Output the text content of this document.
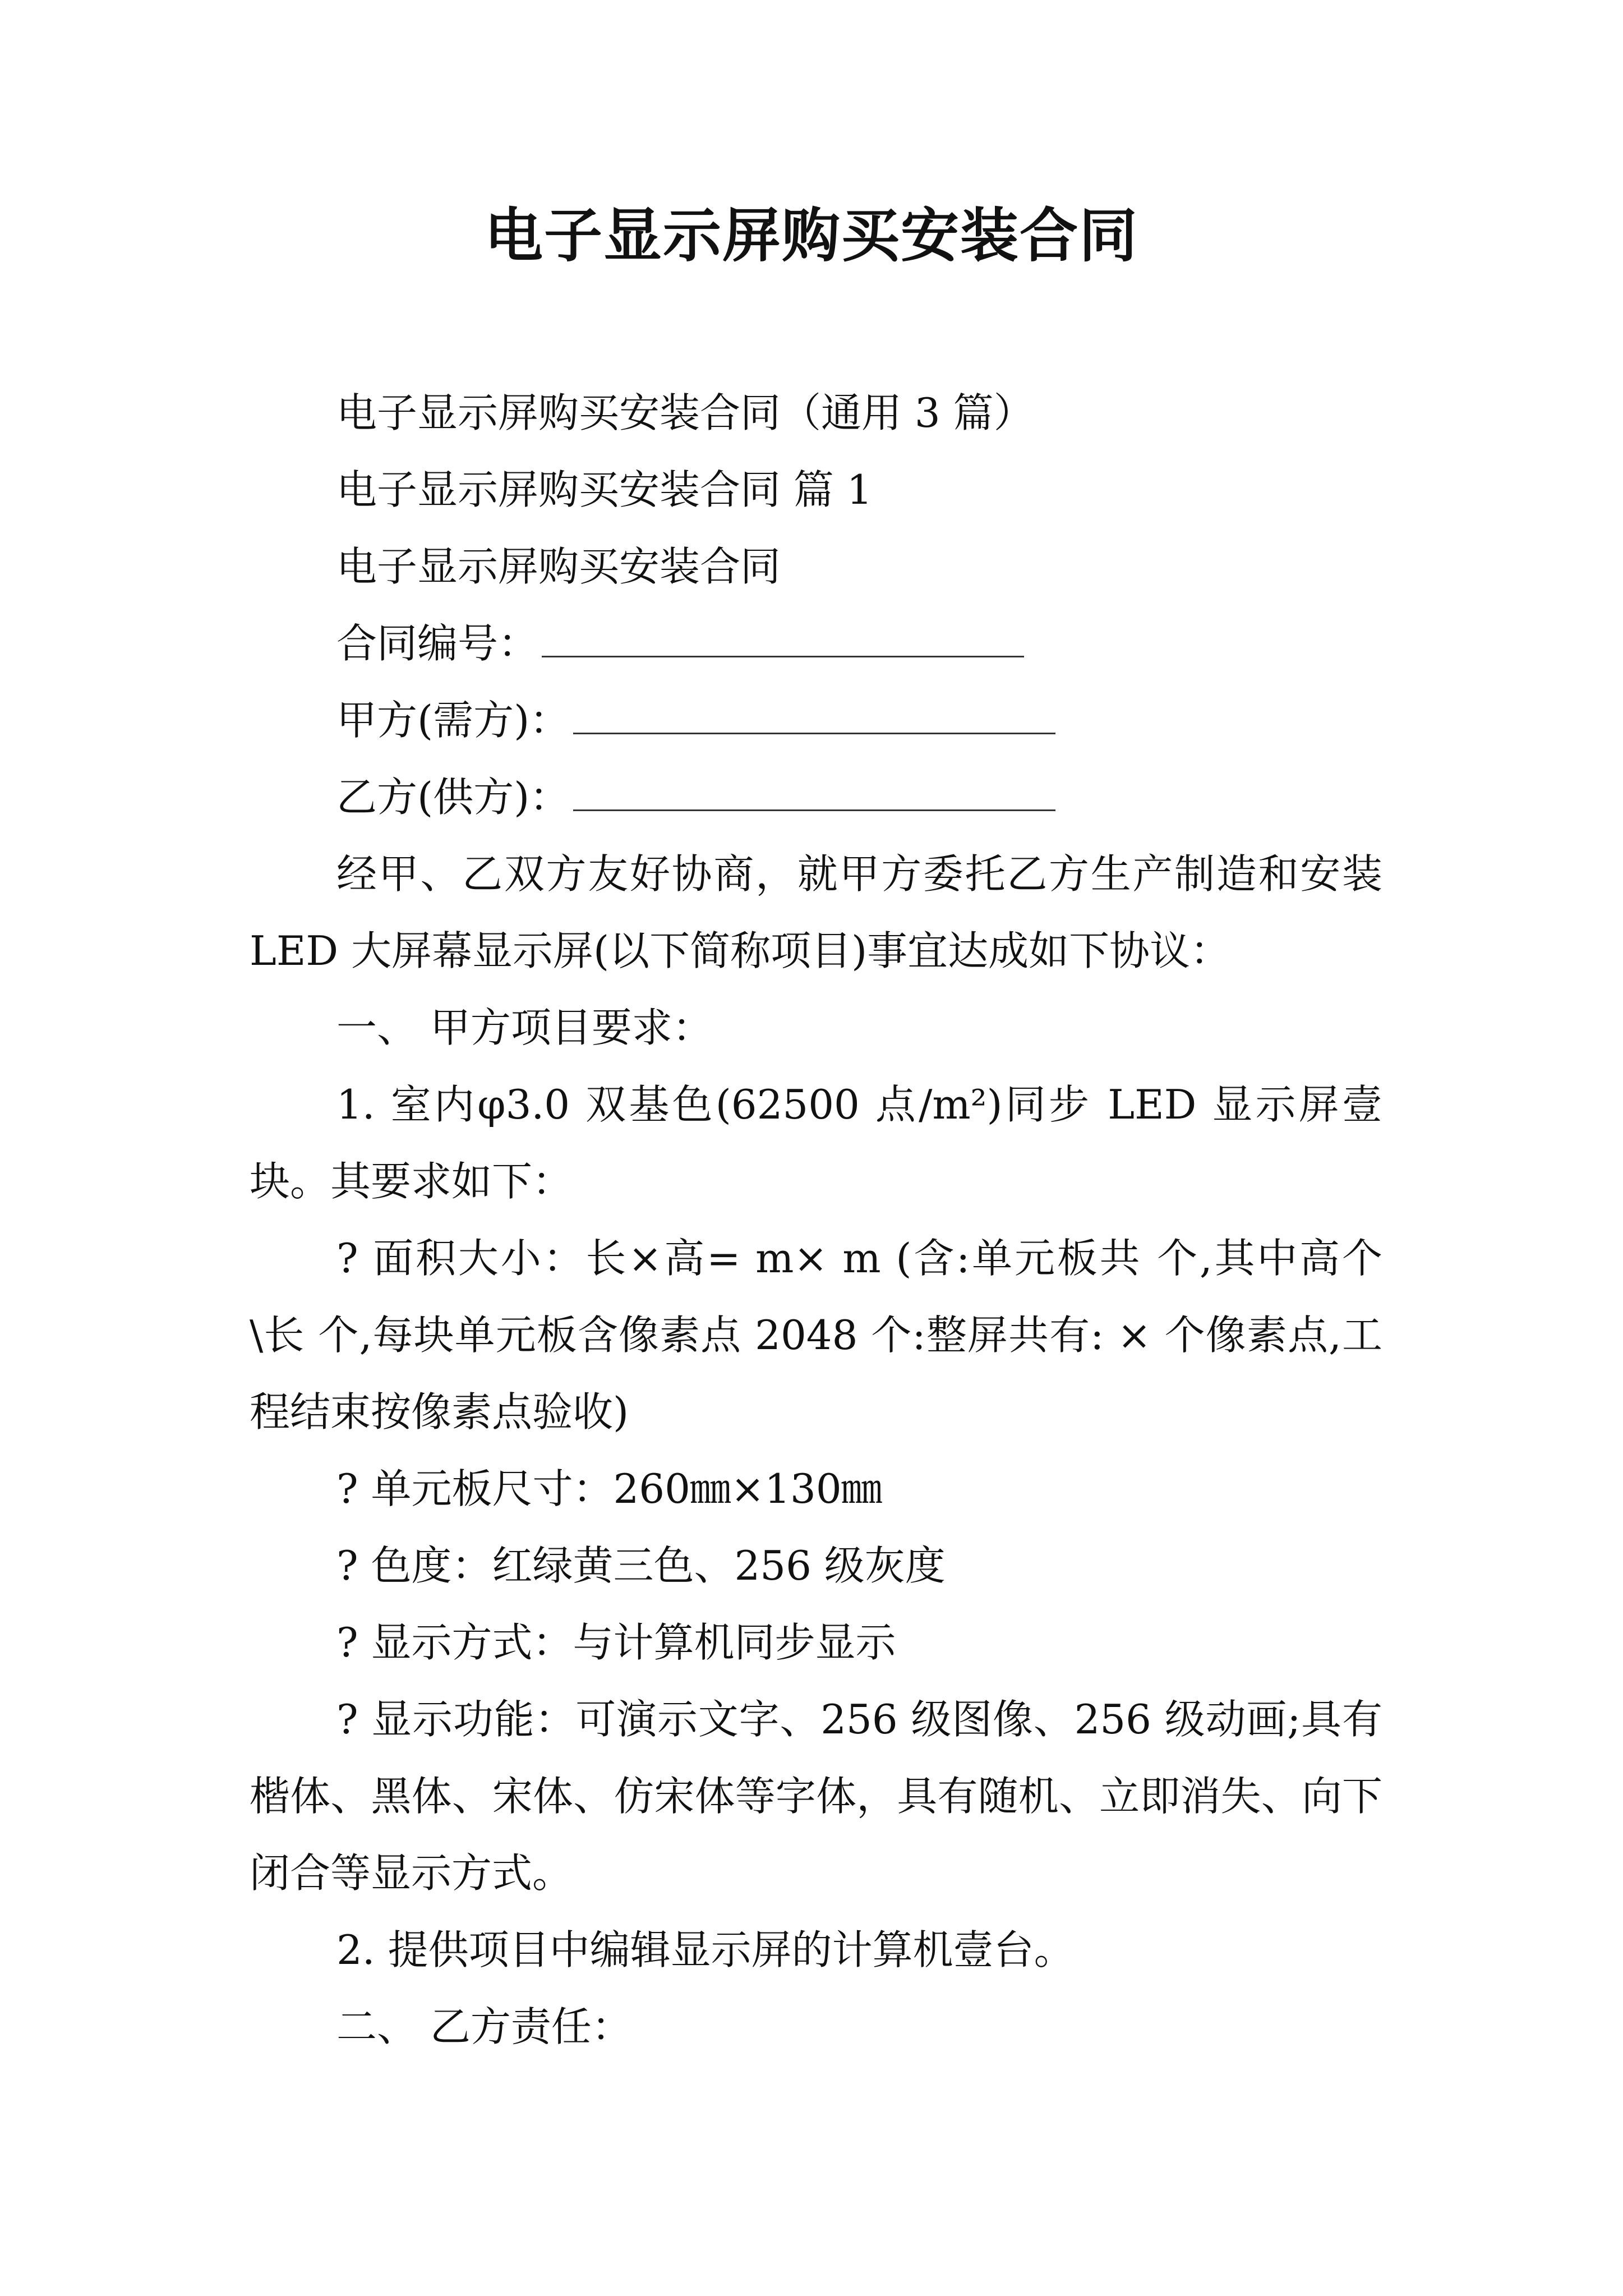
电子显示屏购买安装合同

电子显示屏购买安装合同（通用 3 篇）

电子显示屏购买安装合同 篇 1

电子显示屏购买安装合同

合同编号：

甲方(需方)：

乙方(供方)：

经甲、乙双方友好协商，就甲方委托乙方生产制造和安装 LED 大屏幕显示屏(以下简称项目)事宜达成如下协议：

一、 甲方项目要求：

1. 室内φ3.0 双基色(62500 点/m²)同步 LED 显示屏壹块。其要求如下：

? 面积大小：长×高= m× m (含:单元板共 个,其中高个\长 个,每块单元板含像素点 2048 个:整屏共有: × 个像素点,工程结束按像素点验收)

? 单元板尺寸：260㎜×130㎜

? 色度：红绿黄三色、256 级灰度

? 显示方式：与计算机同步显示

? 显示功能：可演示文字、256 级图像、256 级动画;具有楷体、黑体、宋体、仿宋体等字体，具有随机、立即消失、向下闭合等显示方式。

2. 提供项目中编辑显示屏的计算机壹台。

二、 乙方责任：
